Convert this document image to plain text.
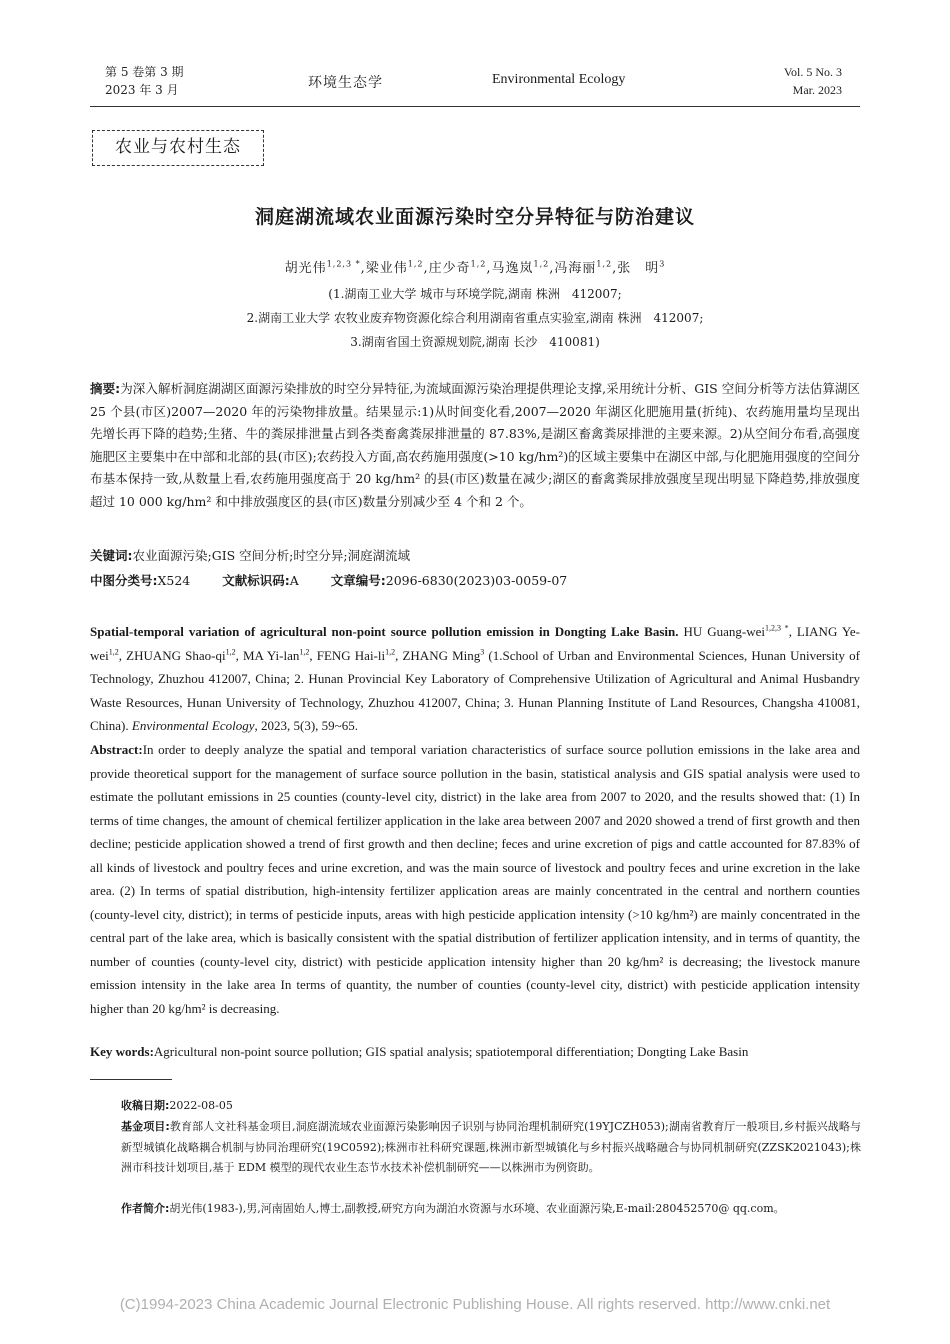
第 5 卷第 3 期
2023 年 3 月	环境生态学	Environmental Ecology	Vol. 5 No. 3
Mar. 2023
农业与农村生态
洞庭湖流域农业面源污染时空分异特征与防治建议
胡光伟$^{1,2,3 *}$,梁业伟$^{1,2}$,庄少奇$^{1,2}$,马逸岚$^{1,2}$,冯海丽$^{1,2}$,张　明$^3$
(1.湖南工业大学 城市与环境学院,湖南 株洲　412007;
2.湖南工业大学 农牧业废弃物资源化综合利用湖南省重点实验室,湖南 株洲　412007;
3.湖南省国土资源规划院,湖南 长沙　410081)
摘要:为深入解析洞庭湖湖区面源污染排放的时空分异特征,为流域面源污染治理提供理论支撑,采用统计分析、GIS 空间分析等方法估算湖区 25 个县(市区)2007—2020 年的污染物排放量。结果显示:1)从时间变化看,2007—2020 年湖区化肥施用量(折纯)、农药施用量均呈现出先增长再下降的趋势;生猪、牛的粪尿排泄量占到各类畜禽粪尿排泄量的 87.83%,是湖区畜禽粪尿排泄的主要来源。2)从空间分布看,高强度施肥区主要集中在中部和北部的县(市区);农药投入方面,高农药施用强度(>10 kg/hm²)的区域主要集中在湖区中部,与化肥施用强度的空间分布基本保持一致,从数量上看,农药施用强度高于 20 kg/hm² 的县(市区)数量在减少;湖区的畜禽粪尿排放强度呈现出明显下降趋势,排放强度超过 10 000 kg/hm² 和中排放强度区的县(市区)数量分别减少至 4 个和 2 个。
关键词:农业面源污染;GIS 空间分析;时空分异;洞庭湖流域
中图分类号:X524	文献标识码:A	文章编号:2096-6830(2023)03-0059-07
Spatial-temporal variation of agricultural non-point source pollution emission in Dongting Lake Basin. HU Guang-wei$^{1,2,3 *}$, LIANG Ye-wei$^{1,2}$, ZHUANG Shao-qi$^{1,2}$, MA Yi-lan$^{1,2}$, FENG Hai-li$^{1,2}$, ZHANG Ming$^3$ (1.School of Urban and Environmental Sciences, Hunan University of Technology, Zhuzhou 412007, China; 2. Hunan Provincial Key Laboratory of Comprehensive Utilization of Agricultural and Animal Husbandry Waste Resources, Hunan University of Technology, Zhuzhou 412007, China; 3. Hunan Planning Institute of Land Resources, Changsha 410081, China). Environmental Ecology, 2023, 5(3), 59~65.
Abstract:In order to deeply analyze the spatial and temporal variation characteristics of surface source pollution emissions in the lake area and provide theoretical support for the management of surface source pollution in the basin, statistical analysis and GIS spatial analysis were used to estimate the pollutant emissions in 25 counties (county-level city, district) in the lake area from 2007 to 2020, and the results showed that: (1) In terms of time changes, the amount of chemical fertilizer application in the lake area between 2007 and 2020 showed a trend of first growth and then decline; pesticide application showed a trend of first growth and then decline; feces and urine excretion of pigs and cattle accounted for 87.83% of all kinds of livestock and poultry feces and urine excretion, and was the main source of livestock and poultry feces and urine excretion in the lake area. (2) In terms of spatial distribution, high-intensity fertilizer application areas are mainly concentrated in the central and northern counties (county-level city, district); in terms of pesticide inputs, areas with high pesticide application intensity (>10 kg/hm²) are mainly concentrated in the central part of the lake area, which is basically consistent with the spatial distribution of fertilizer application intensity, and in terms of quantity, the number of counties (county-level city, district) with pesticide application intensity higher than 20 kg/hm² is decreasing; the livestock manure emission intensity in the lake area In terms of quantity, the number of counties (county-level city, district) with pesticide application intensity higher than 20 kg/hm² is decreasing.
Key words:Agricultural non-point source pollution; GIS spatial analysis; spatiotemporal differentiation; Dongting Lake Basin
收稿日期:2022-08-05
基金项目:教育部人文社科基金项目,洞庭湖流域农业面源污染影响因子识别与协同治理机制研究(19YJCZH053);湖南省教育厅一般项目,乡村振兴战略与新型城镇化战略耦合机制与协同治理研究(19C0592);株洲市社科研究课题,株洲市新型城镇化与乡村振兴战略融合与协同机制研究(ZZSK2021043);株洲市科技计划项目,基于 EDM 模型的现代农业生态节水技术补偿机制研究——以株洲市为例资助。
作者简介:胡光伟(1983-),男,河南固始人,博士,副教授,研究方向为湖泊水资源与水环境、农业面源污染,E-mail:280452570@ qq.com。
(C)1994-2023 China Academic Journal Electronic Publishing House. All rights reserved. http://www.cnki.net
